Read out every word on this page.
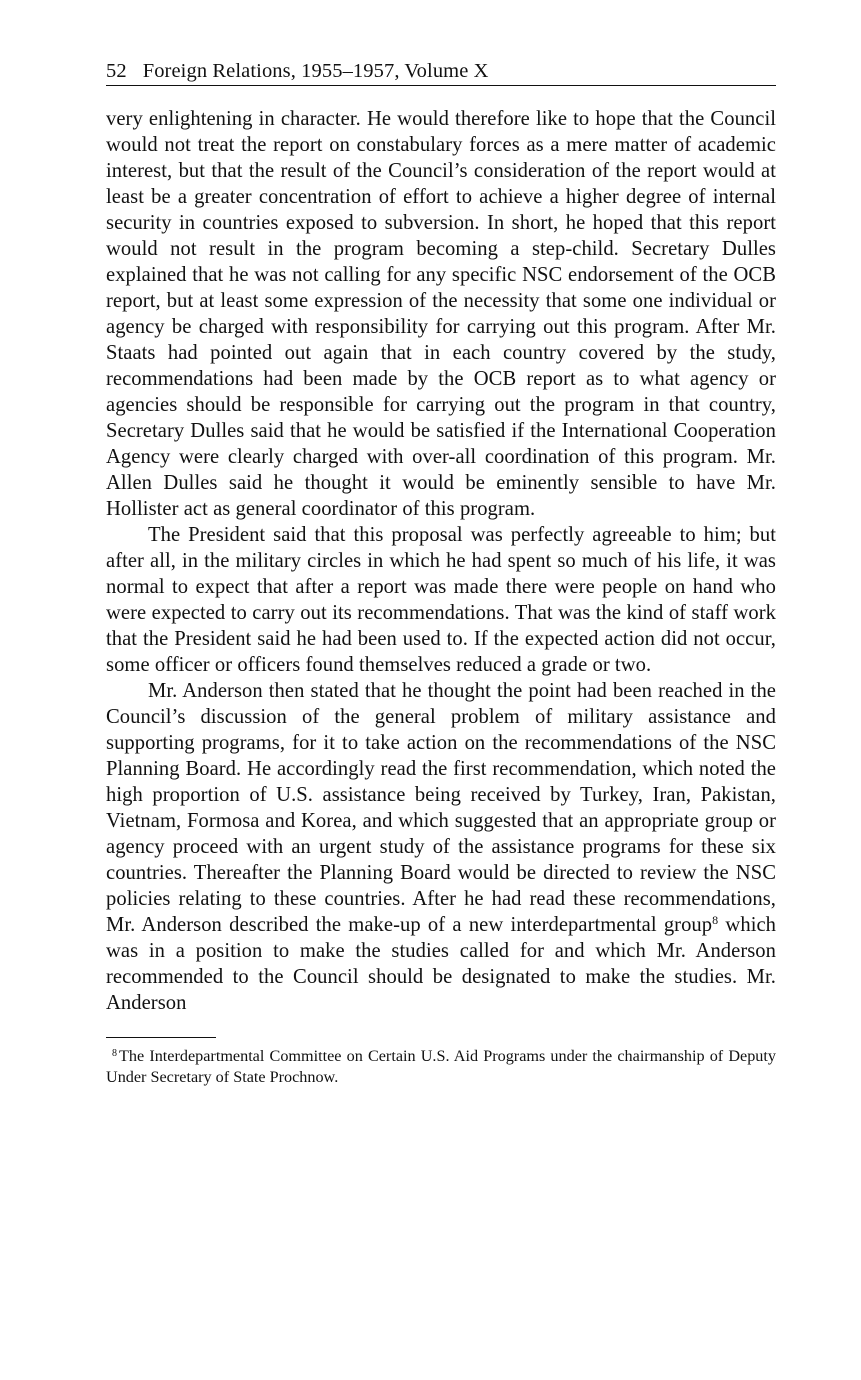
52 Foreign Relations, 1955–1957, Volume X

very enlightening in character. He would therefore like to hope that the Council would not treat the report on constabulary forces as a mere matter of academic interest, but that the result of the Council’s consideration of the report would at least be a greater concentration of effort to achieve a higher degree of internal security in countries exposed to subversion. In short, he hoped that this report would not result in the program becoming a step-child. Secretary Dulles explained that he was not calling for any specific NSC endorsement of the OCB report, but at least some expression of the necessity that some one individual or agency be charged with responsibility for carrying out this program. After Mr. Staats had pointed out again that in each country covered by the study, recommendations had been made by the OCB report as to what agency or agencies should be responsible for carrying out the program in that country, Secretary Dulles said that he would be satisfied if the International Cooperation Agency were clearly charged with over-all coordination of this program. Mr. Allen Dulles said he thought it would be eminently sensible to have Mr. Hollister act as general coordinator of this program.

The President said that this proposal was perfectly agreeable to him; but after all, in the military circles in which he had spent so much of his life, it was normal to expect that after a report was made there were people on hand who were expected to carry out its recommendations. That was the kind of staff work that the President said he had been used to. If the expected action did not occur, some officer or officers found themselves reduced a grade or two.

Mr. Anderson then stated that he thought the point had been reached in the Council’s discussion of the general problem of military assistance and supporting programs, for it to take action on the recommendations of the NSC Planning Board. He accordingly read the first recommendation, which noted the high proportion of U.S. assistance being received by Turkey, Iran, Pakistan, Vietnam, Formosa and Korea, and which suggested that an appropriate group or agency proceed with an urgent study of the assistance programs for these six countries. Thereafter the Planning Board would be directed to review the NSC policies relating to these countries. After he had read these recommendations, Mr. Anderson described the make-up of a new interdepartmental group$^8$ which was in a position to make the studies called for and which Mr. Anderson recommended to the Council should be designated to make the studies. Mr. Anderson

$^8$ The Interdepartmental Committee on Certain U.S. Aid Programs under the chairmanship of Deputy Under Secretary of State Prochnow.
